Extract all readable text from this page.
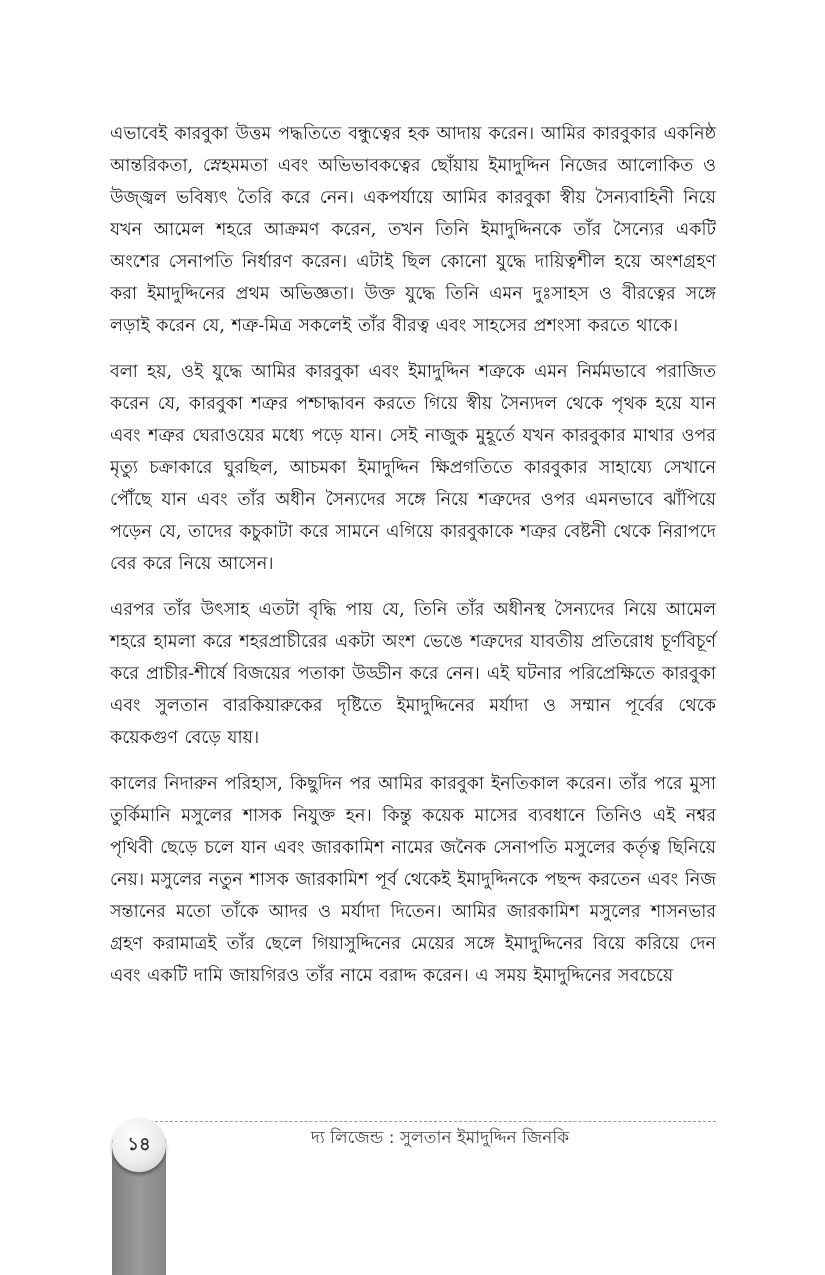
এভাবেই কারবুকা উত্তম পদ্ধতিতে বন্ধুত্বের হক আদায় করেন। আমির কারবুকার একনিষ্ঠ আন্তরিকতা, স্নেহমমতা এবং অভিভাবকত্বের ছোঁয়ায় ইমাদুদ্দিন নিজের আলোকিত ও উজ্জ্বল ভবিষ্যৎ তৈরি করে নেন। একপর্যায়ে আমির কারবুকা স্বীয় সৈন্যবাহিনী নিয়ে যখন আমেল শহরে আক্রমণ করেন, তখন তিনি ইমাদুদ্দিনকে তাঁর সৈন্যের একটি অংশের সেনাপতি নির্ধারণ করেন। এটাই ছিল কোনো যুদ্ধে দায়িত্বশীল হয়ে অংশগ্রহণ করা ইমাদুদ্দিনের প্রথম অভিজ্ঞতা। উক্ত যুদ্ধে তিনি এমন দুঃসাহস ও বীরত্বের সঙ্গে লড়াই করেন যে, শত্রু-মিত্র সকলেই তাঁর বীরত্ব এবং সাহসের প্রশংসা করতে থাকে।

বলা হয়, ওই যুদ্ধে আমির কারবুকা এবং ইমাদুদ্দিন শত্রুকে এমন নির্মমভাবে পরাজিত করেন যে, কারবুকা শত্রুর পশ্চাদ্ধাবন করতে গিয়ে স্বীয় সৈন্যদল থেকে পৃথক হয়ে যান এবং শত্রুর ঘেরাওয়ের মধ্যে পড়ে যান। সেই নাজুক মুহূর্তে যখন কারবুকার মাথার ওপর মৃত্যু চক্রাকারে ঘুরছিল, আচমকা ইমাদুদ্দিন ক্ষিপ্রগতিতে কারবুকার সাহায্যে সেখানে পৌঁছে যান এবং তাঁর অধীন সৈন্যদের সঙ্গে নিয়ে শত্রুদের ওপর এমনভাবে ঝাঁপিয়ে পড়েন যে, তাদের কচুকাটা করে সামনে এগিয়ে কারবুকাকে শত্রুর বেষ্টনী থেকে নিরাপদে বের করে নিয়ে আসেন।

এরপর তাঁর উৎসাহ এতটা বৃদ্ধি পায় যে, তিনি তাঁর অধীনস্থ সৈন্যদের নিয়ে আমেল শহরে হামলা করে শহরপ্রাচীরের একটা অংশ ভেঙে শত্রুদের যাবতীয় প্রতিরোধ চূর্ণবিচূর্ণ করে প্রাচীর-শীর্ষে বিজয়ের পতাকা উড্ডীন করে নেন। এই ঘটনার পরিপ্রেক্ষিতে কারবুকা এবং সুলতান বারকিয়ারুকের দৃষ্টিতে ইমাদুদ্দিনের মর্যাদা ও সম্মান পূর্বের থেকে কয়েকগুণ বেড়ে যায়।

কালের নিদারুন পরিহাস, কিছুদিন পর আমির কারবুকা ইনতিকাল করেন। তাঁর পরে মুসা তুর্কিমানি মসুলের শাসক নিযুক্ত হন। কিন্তু কয়েক মাসের ব্যবধানে তিনিও এই নশ্বর পৃথিবী ছেড়ে চলে যান এবং জারকামিশ নামের জনৈক সেনাপতি মসুলের কর্তৃত্ব ছিনিয়ে নেয়। মসুলের নতুন শাসক জারকামিশ পূর্ব থেকেই ইমাদুদ্দিনকে পছন্দ করতেন এবং নিজ সন্তানের মতো তাঁকে আদর ও মর্যাদা দিতেন। আমির জারকামিশ মসুলের শাসনভার গ্রহণ করামাত্রই তাঁর ছেলে গিয়াসুদ্দিনের মেয়ের সঙ্গে ইমাদুদ্দিনের বিয়ে করিয়ে দেন এবং একটি দামি জায়গিরও তাঁর নামে বরাদ্দ করেন। এ সময় ইমাদুদ্দিনের সবচেয়ে

১৪	দ্য লিজেন্ড : সুলতান ইমাদুদ্দিন জিনকি
